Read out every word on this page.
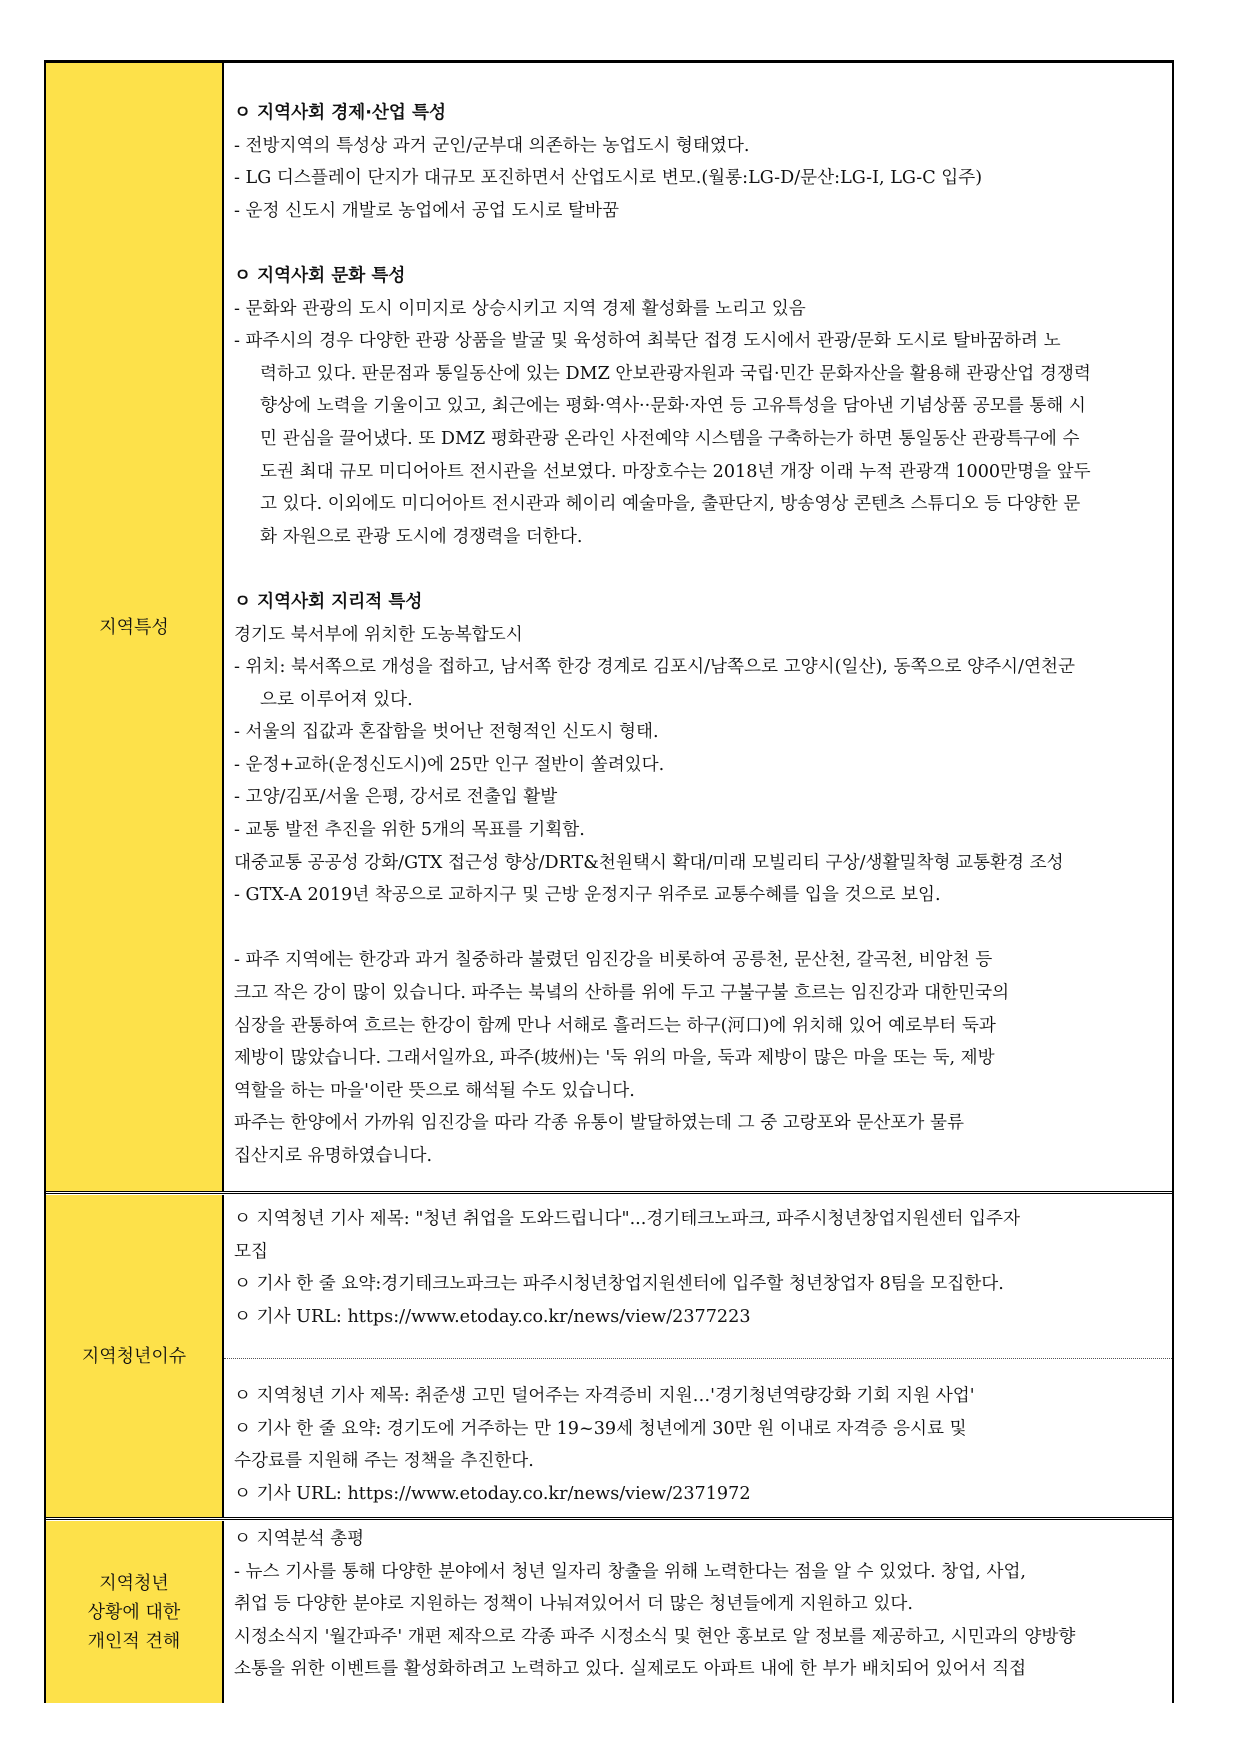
지역특성

ㅇ 지역사회 경제·산업 특성

- 전방지역의 특성상 과거 군인/군부대 의존하는 농업도시 형태였다.

- LG 디스플레이 단지가 대규모 포진하면서 산업도시로 변모.(월롱:LG-D/문산:LG-I, LG-C 입주)

- 운정 신도시 개발로 농업에서 공업 도시로 탈바꿈

ㅇ 지역사회 문화 특성

- 문화와 관광의 도시 이미지로 상승시키고 지역 경제 활성화를 노리고 있음

- 파주시의 경우 다양한 관광 상품을 발굴 및 육성하여 최북단 접경 도시에서 관광/문화 도시로 탈바꿈하려 노

력하고 있다. 판문점과 통일동산에 있는 DMZ 안보관광자원과 국립·민간 문화자산을 활용해 관광산업 경쟁력

향상에 노력을 기울이고 있고, 최근에는 평화·역사··문화·자연 등 고유특성을 담아낸 기념상품 공모를 통해 시

민 관심을 끌어냈다. 또 DMZ 평화관광 온라인 사전예약 시스템을 구축하는가 하면 통일동산 관광특구에 수

도권 최대 규모 미디어아트 전시관을 선보였다. 마장호수는 2018년 개장 이래 누적 관광객 1000만명을 앞두

고 있다. 이외에도 미디어아트 전시관과 헤이리 예술마을, 출판단지, 방송영상 콘텐츠 스튜디오 등 다양한 문

화 자원으로 관광 도시에 경쟁력을 더한다.

ㅇ 지역사회 지리적 특성

경기도 북서부에 위치한 도농복합도시

- 위치: 북서쪽으로 개성을 접하고, 남서쪽 한강 경계로 김포시/남쪽으로 고양시(일산), 동쪽으로 양주시/연천군

으로 이루어져 있다.

- 서울의 집값과 혼잡함을 벗어난 전형적인 신도시 형태.

- 운정+교하(운정신도시)에 25만 인구 절반이 쏠려있다.

- 고양/김포/서울 은평, 강서로 전출입 활발

- 교통 발전 추진을 위한 5개의 목표를 기획함.

대중교통 공공성 강화/GTX 접근성 향상/DRT&천원택시 확대/미래 모빌리티 구상/생활밀착형 교통환경 조성

- GTX-A 2019년 착공으로 교하지구 및 근방 운정지구 위주로 교통수혜를 입을 것으로 보임.

- 파주 지역에는 한강과 과거 칠중하라 불렸던 임진강을 비롯하여 공릉천, 문산천, 갈곡천, 비암천 등

크고 작은 강이 많이 있습니다. 파주는 북녘의 산하를 위에 두고 구불구불 흐르는 임진강과 대한민국의

심장을 관통하여 흐르는 한강이 함께 만나 서해로 흘러드는 하구(河口)에 위치해 있어 예로부터 둑과

제방이 많았습니다. 그래서일까요, 파주(坡州)는 '둑 위의 마을, 둑과 제방이 많은 마을 또는 둑, 제방

역할을 하는 마을'이란 뜻으로 해석될 수도 있습니다.

파주는 한양에서 가까워 임진강을 따라 각종 유통이 발달하였는데 그 중 고랑포와 문산포가 물류

집산지로 유명하였습니다.

지역청년이슈

ㅇ 지역청년 기사 제목: "청년 취업을 도와드립니다"...경기테크노파크, 파주시청년창업지원센터 입주자

모집

ㅇ 기사 한 줄 요약:경기테크노파크는 파주시청년창업지원센터에 입주할 청년창업자 8팀을 모집한다.

ㅇ 기사 URL: https://www.etoday.co.kr/news/view/2377223

ㅇ 지역청년 기사 제목: 취준생 고민 덜어주는 자격증비 지원…'경기청년역량강화 기회 지원 사업'

ㅇ 기사 한 줄 요약: 경기도에 거주하는 만 19~39세 청년에게 30만 원 이내로 자격증 응시료 및

수강료를 지원해 주는 정책을 추진한다.

ㅇ 기사 URL: https://www.etoday.co.kr/news/view/2371972

지역청년
상황에 대한
개인적 견해

ㅇ 지역분석 총평

- 뉴스 기사를 통해 다양한 분야에서 청년 일자리 창출을 위해 노력한다는 점을 알 수 있었다. 창업, 사업,

취업 등 다양한 분야로 지원하는 정책이 나눠져있어서 더 많은 청년들에게 지원하고 있다.

시정소식지 '월간파주' 개편 제작으로 각종 파주 시정소식 및 현안 홍보로 알 정보를 제공하고, 시민과의 양방향

소통을 위한 이벤트를 활성화하려고 노력하고 있다. 실제로도 아파트 내에 한 부가 배치되어 있어서 직접
